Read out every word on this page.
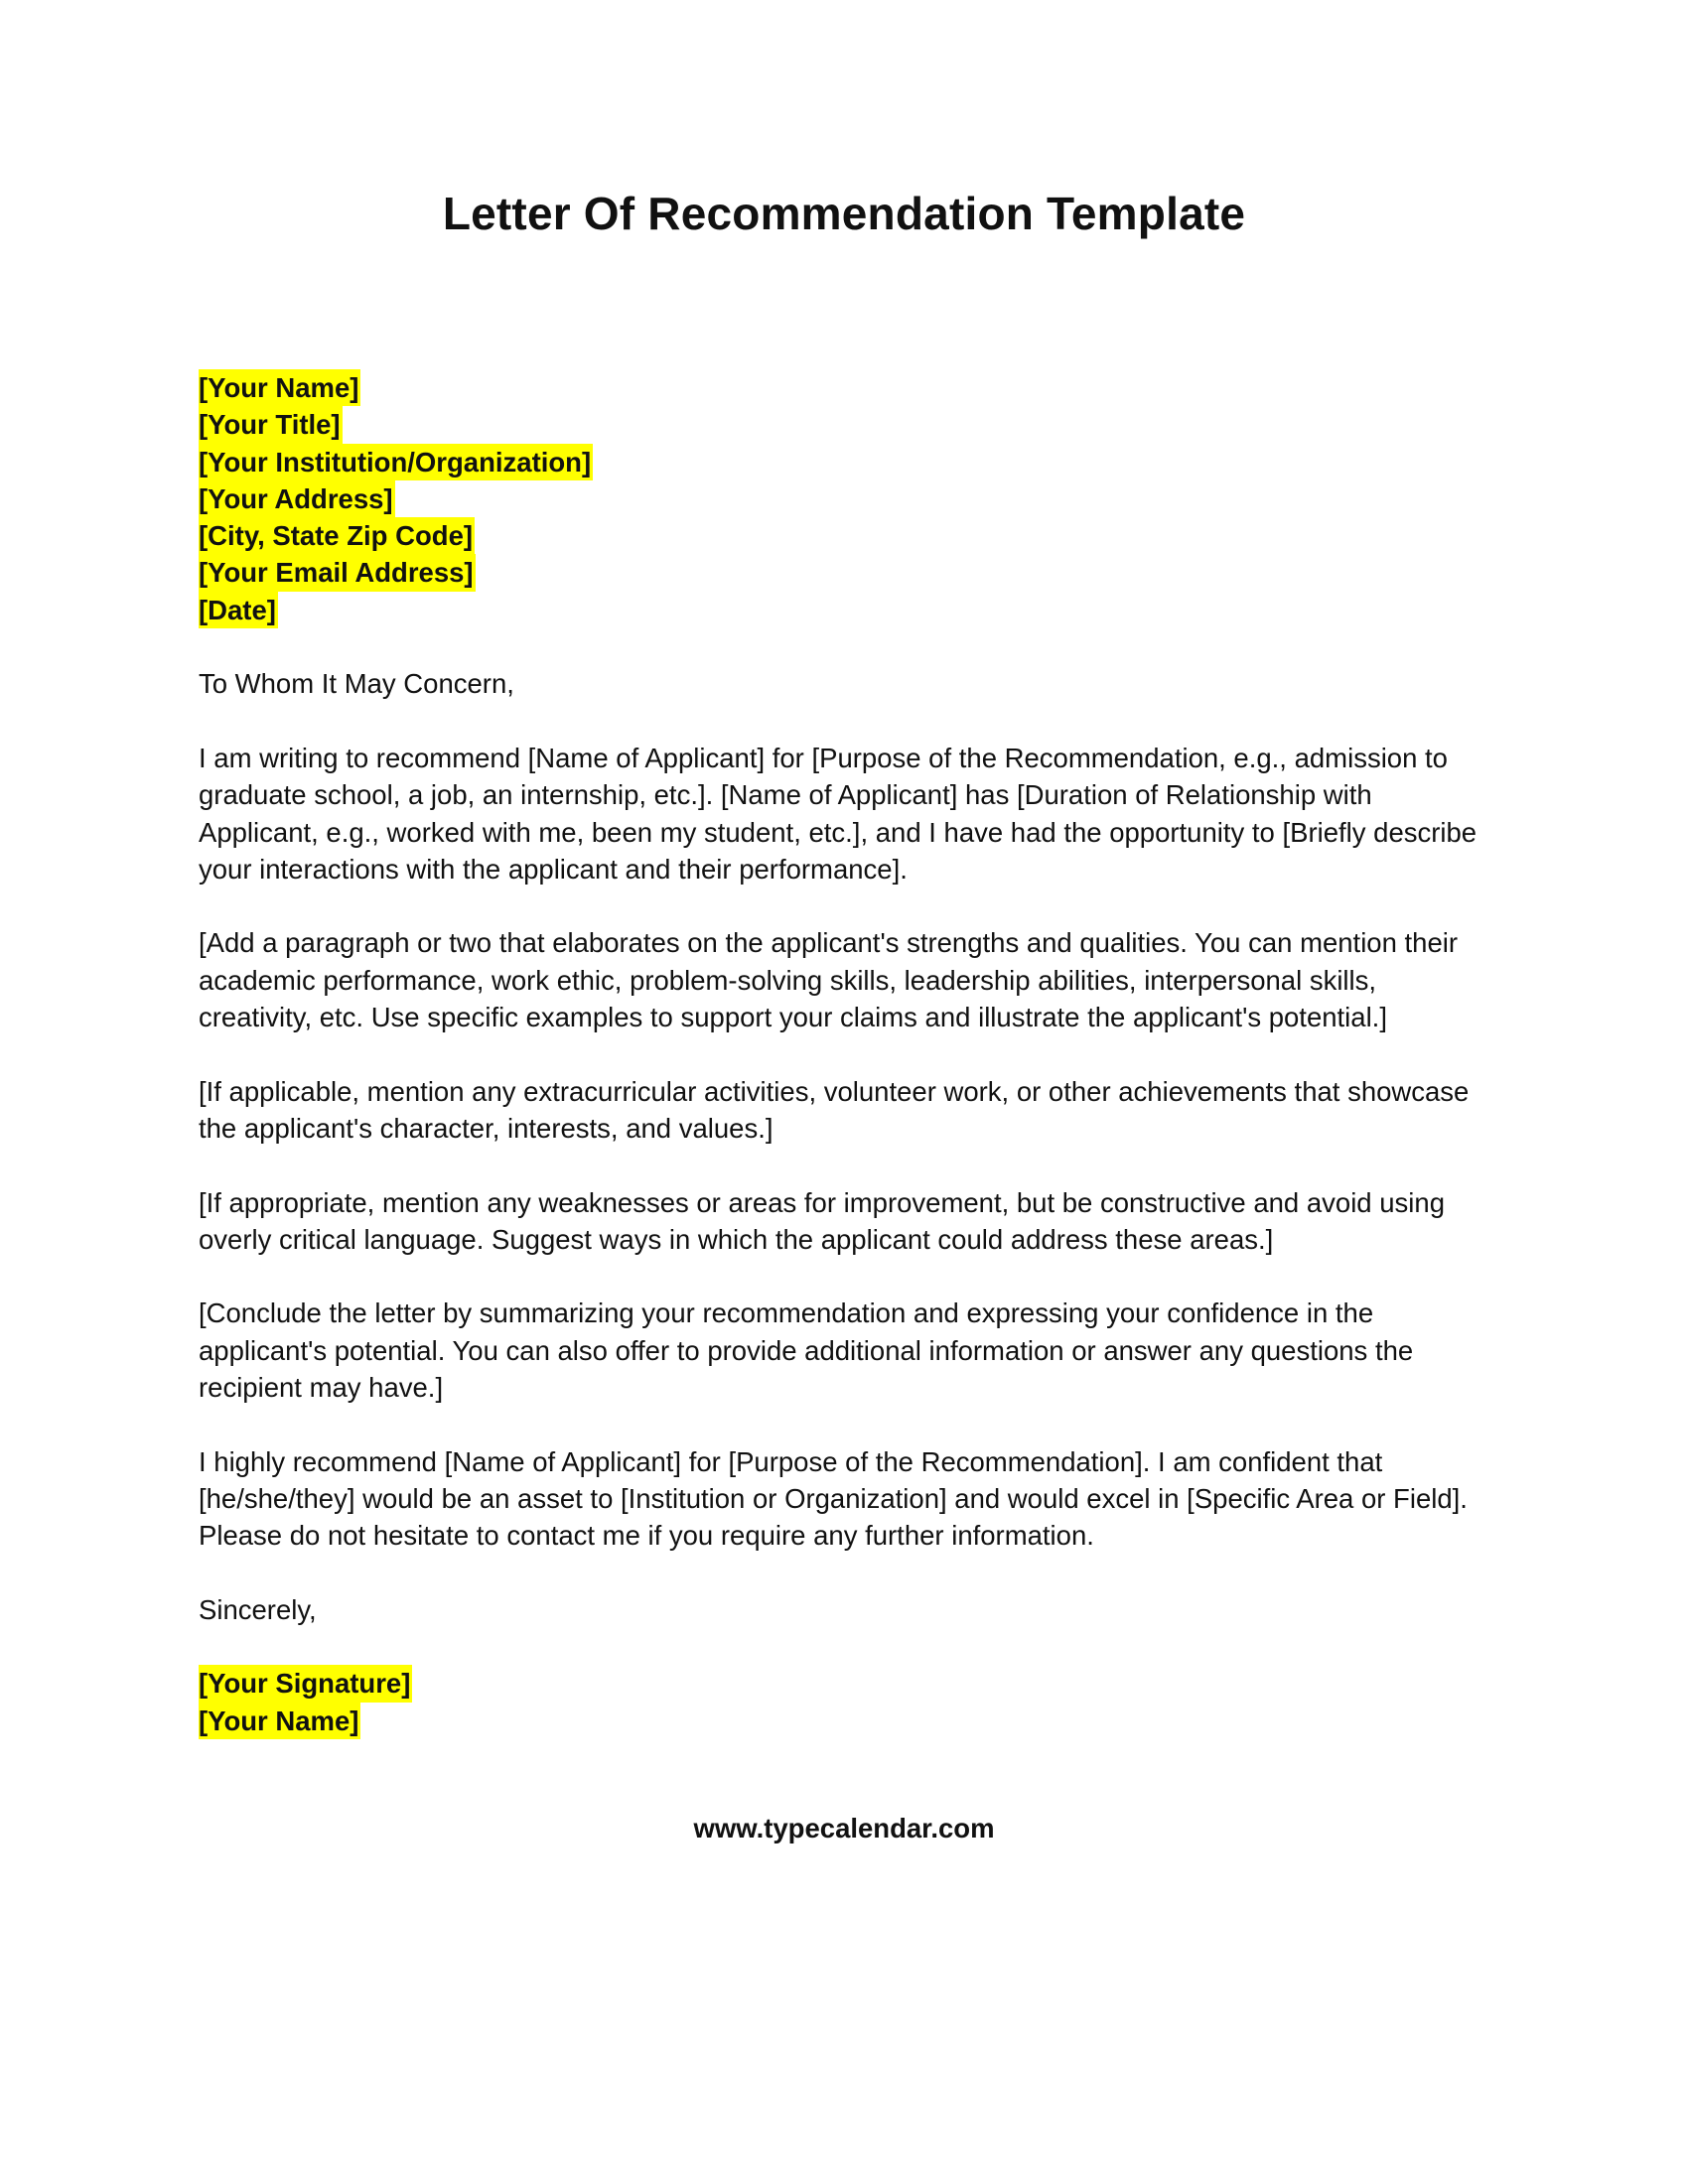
Letter Of Recommendation Template
[Your Name]
[Your Title]
[Your Institution/Organization]
[Your Address]
[City, State Zip Code]
[Your Email Address]
[Date]

To Whom It May Concern,

I am writing to recommend [Name of Applicant] for [Purpose of the Recommendation, e.g., admission to graduate school, a job, an internship, etc.]. [Name of Applicant] has [Duration of Relationship with Applicant, e.g., worked with me, been my student, etc.], and I have had the opportunity to [Briefly describe your interactions with the applicant and their performance].

[Add a paragraph or two that elaborates on the applicant's strengths and qualities. You can mention their academic performance, work ethic, problem-solving skills, leadership abilities, interpersonal skills, creativity, etc. Use specific examples to support your claims and illustrate the applicant's potential.]

[If applicable, mention any extracurricular activities, volunteer work, or other achievements that showcase the applicant's character, interests, and values.]

[If appropriate, mention any weaknesses or areas for improvement, but be constructive and avoid using overly critical language. Suggest ways in which the applicant could address these areas.]

[Conclude the letter by summarizing your recommendation and expressing your confidence in the applicant's potential. You can also offer to provide additional information or answer any questions the recipient may have.]

I highly recommend [Name of Applicant] for [Purpose of the Recommendation]. I am confident that [he/she/they] would be an asset to [Institution or Organization] and would excel in [Specific Area or Field]. Please do not hesitate to contact me if you require any further information.

Sincerely,

[Your Signature]
[Your Name]
www.typecalendar.com
